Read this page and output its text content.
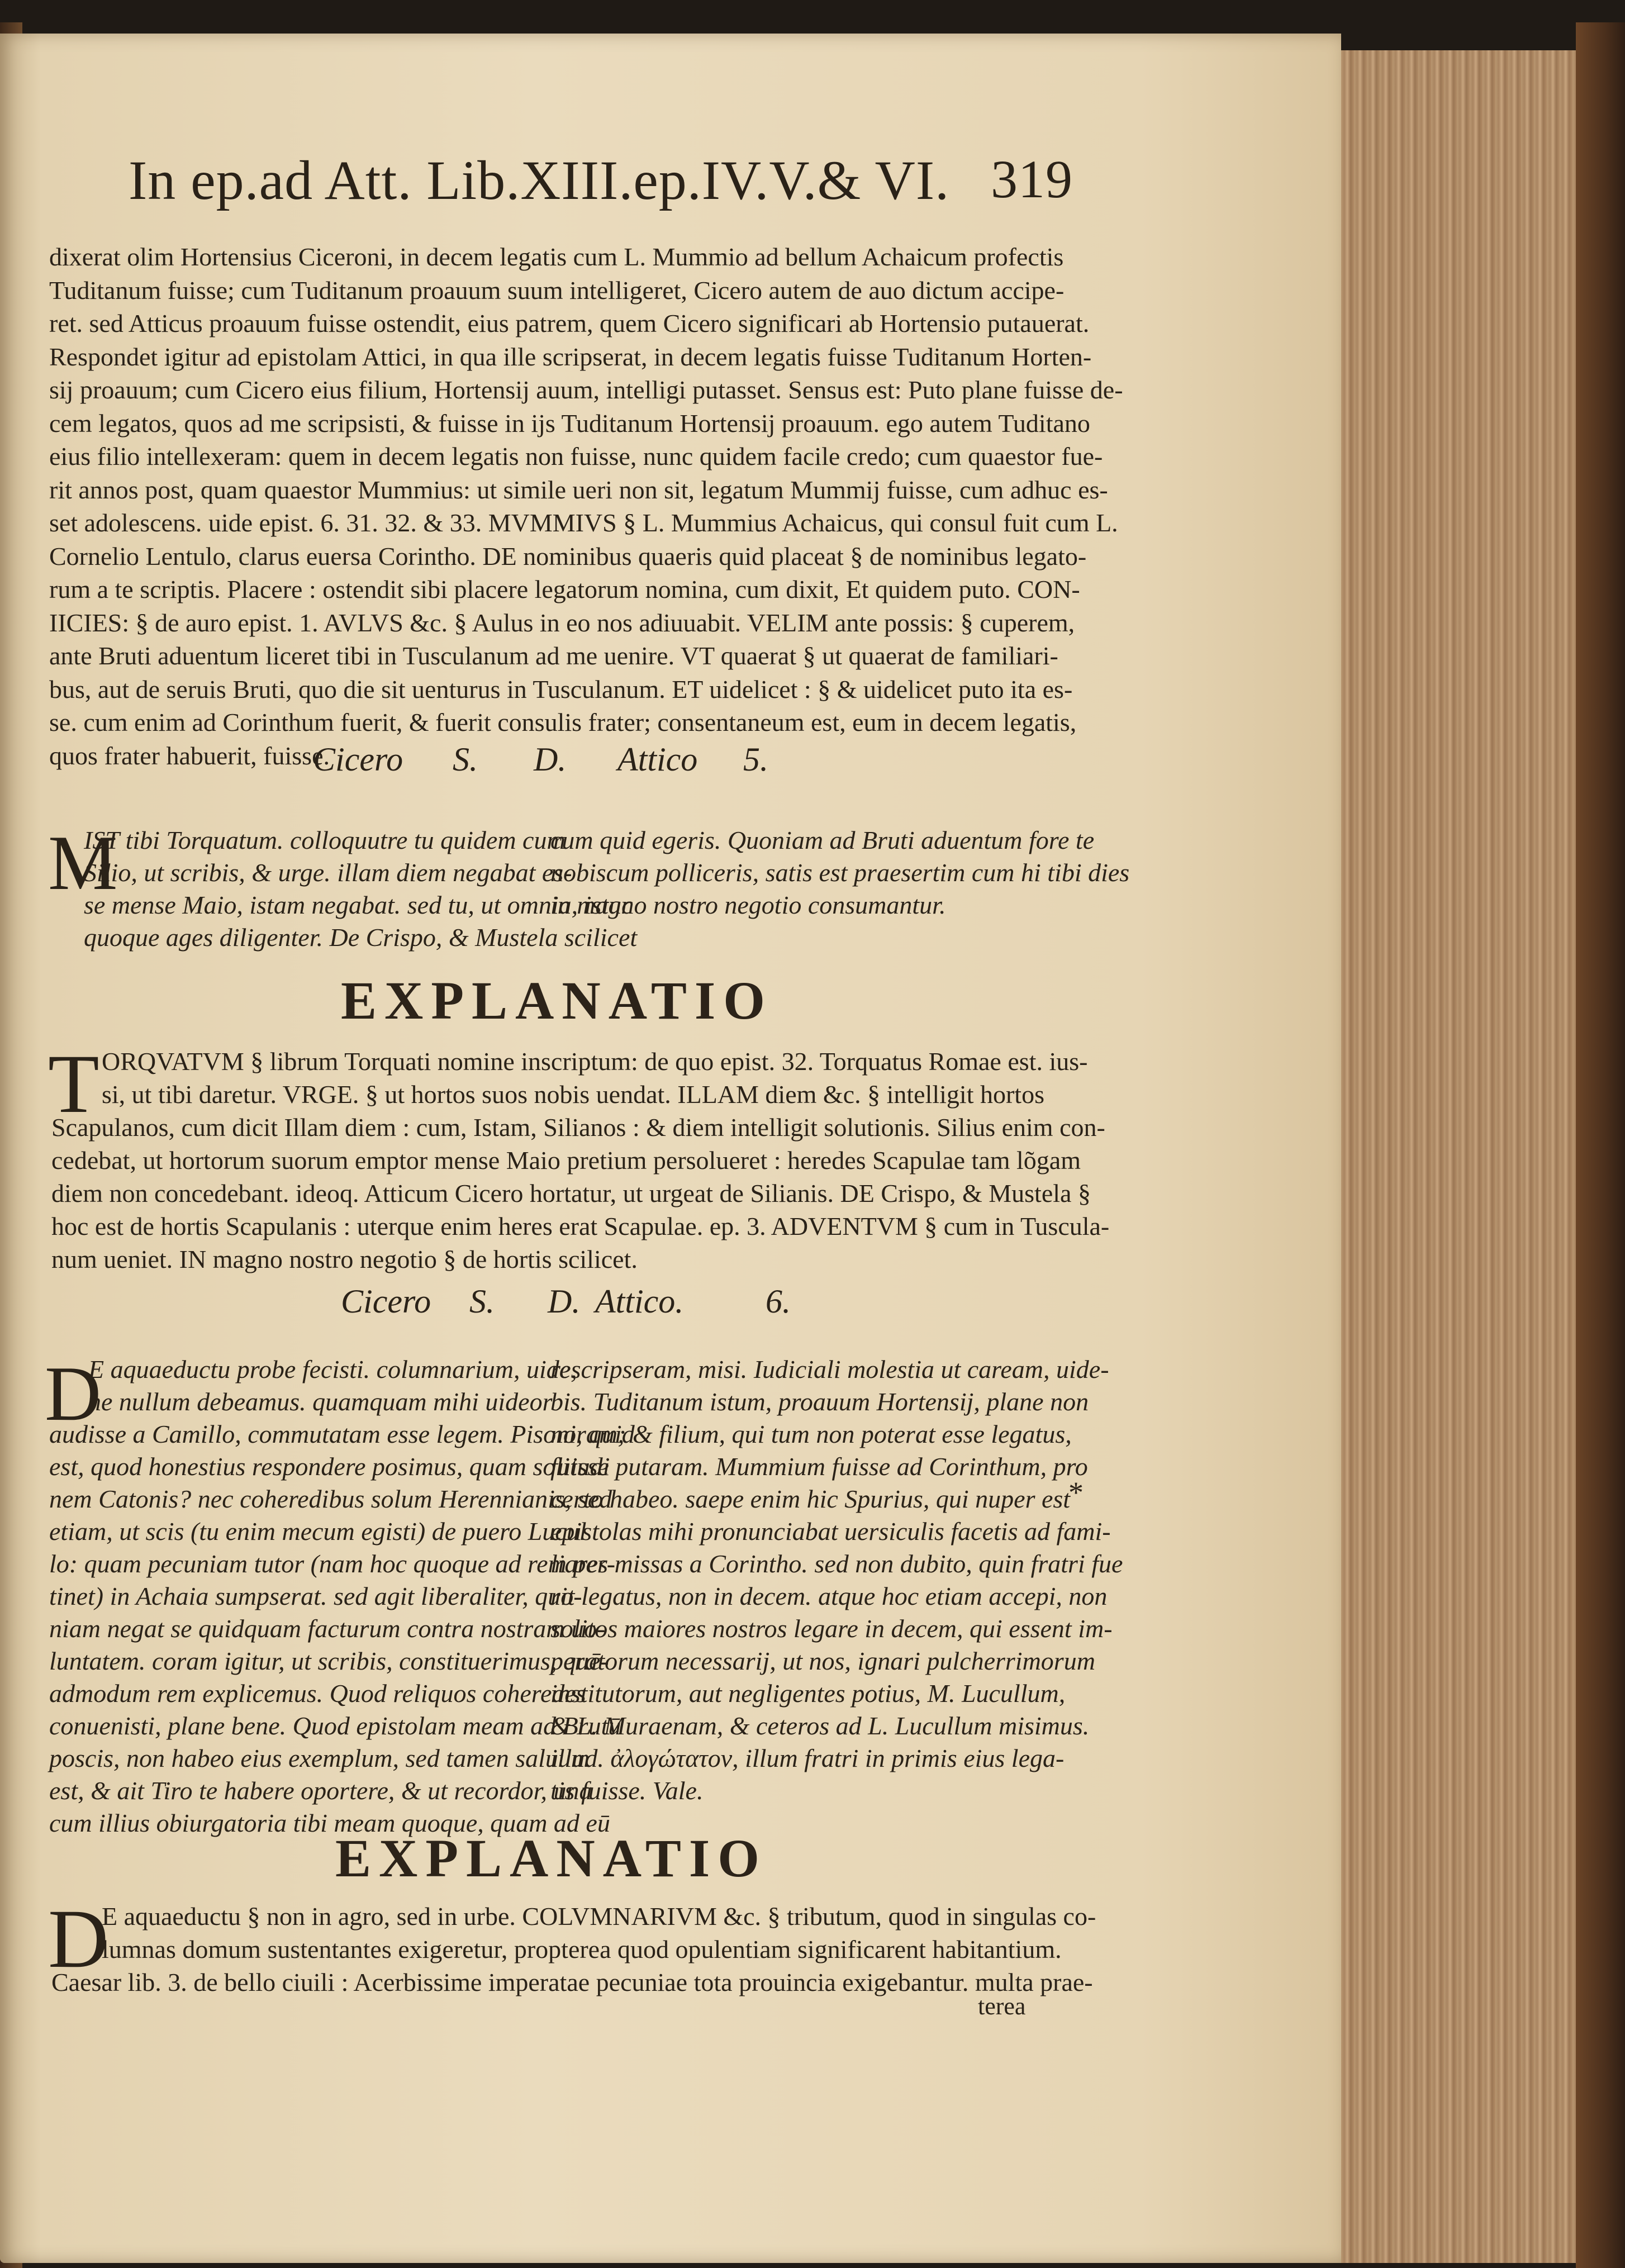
In ep.ad Att. Lib.XIII.ep.IV.V.& VI. 319
dixerat olim Hortensius Ciceroni, in decem legatis cum L. Mummio ad bellum Achaicum profectis
Tuditanum fuisse; cum Tuditanum proauum suum intelligeret, Cicero autem de auo dictum accipe-
ret. sed Atticus proauum fuisse ostendit, eius patrem, quem Cicero significari ab Hortensio putauerat.
Respondet igitur ad epistolam Attici, in qua ille scripserat, in decem legatis fuisse Tuditanum Horten-
sij proauum; cum Cicero eius filium, Hortensij auum, intelligi putasset. Sensus est: Puto plane fuisse de-
cem legatos, quos ad me scripsisti, & fuisse in ijs Tuditanum Hortensij proauum. ego autem Tuditano
eius filio intellexeram: quem in decem legatis non fuisse, nunc quidem facile credo; cum quaestor fue-
rit annos post, quam quaestor Mummius: ut simile ueri non sit, legatum Mummij fuisse, cum adhuc es-
set adolescens. uide epist. 6. 31. 32. & 33. MVMMIVS § L. Mummius Achaicus, qui consul fuit cum L.
Cornelio Lentulo, clarus euersa Corintho. DE nominibus quaeris quid placeat § de nominibus legato-
rum a te scriptis. Placere : ostendit sibi placere legatorum nomina, cum dixit, Et quidem puto. CON-
IICIES: § de auro epist. 1. AVLVS &c. § Aulus in eo nos adiuuabit. VELIM ante possis: § cuperem,
ante Bruti aduentum liceret tibi in Tusculanum ad me uenire. VT quaerat § ut quaerat de familiari-
bus, aut de seruis Bruti, quo die sit uenturus in Tusculanum. ET uidelicet : § & uidelicet puto ita es-
se. cum enim ad Corinthum fuerit, & fuerit consulis frater; consentaneum est, eum in decem legatis,
quos frater habuerit, fuisse.
Cicero S. D. Attico 5.
M
IST tibi Torquatum. colloquutre tu quidem cum
Silio, ut scribis, & urge. illam diem negabat es-
se mense Maio, istam negabat. sed tu, ut omnia, istuc
quoque ages diligenter. De Crispo, & Mustela scilicet
cum quid egeris. Quoniam ad Bruti aduentum fore te
nobiscum polliceris, satis est praesertim cum hi tibi dies
in magno nostro negotio consumantur.
EXPLANATIO
T ORQVATVM § librum Torquati nomine inscriptum: de quo epist. 32. Torquatus Romae est. ius-
si, ut tibi daretur. VRGE. § ut hortos suos nobis uendat. ILLAM diem &c. § intelligit hortos
Scapulanos, cum dicit Illam diem : cum, Istam, Silianos : & diem intelligit solutionis. Silius enim con-
cedebat, ut hortorum suorum emptor mense Maio pretium persolueret : heredes Scapulae tam lõgam
diem non concedebant. ideoq. Atticum Cicero hortatur, ut urgeat de Silianis. DE Crispo, & Mustela §
hoc est de hortis Scapulanis : uterque enim heres erat Scapulae. ep. 3. ADVENTVM § cum in Tuscula-
num ueniet. IN magno nostro negotio § de hortis scilicet.
Cicero S. D. Attico. 6.
D
E aquaeductu probe fecisti. columnarium, uide,
ne nullum debeamus. quamquam mihi uideor
audisse a Camillo, commutatam esse legem. Pisoni, quid
est, quod honestius respondere posimus, quam solitudi
nem Catonis? nec coheredibus solum Herennianis, sed
etiam, ut scis (tu enim mecum egisti) de puero Lucul
lo: quam pecuniam tutor (nam hoc quoque ad rem per-
tinet) in Achaia sumpserat. sed agit liberaliter, quo-
niam negat se quidquam facturum contra nostram uo-
luntatem. coram igitur, ut scribis, constituerimus, quē-
admodum rem explicemus. Quod reliquos coheredes
conuenisti, plane bene. Quod epistolam meam ad Brutū
poscis, non habeo eius exemplum, sed tamen saluum
est, & ait Tiro te habere oportere, & ut recordor, una
cum illius obiurgatoria tibi meam quoque, quam ad eū
rescripseram, misi. Iudiciali molestia ut caream, uide-
bis. Tuditanum istum, proauum Hortensij, plane non
noram; & filium, qui tum non poterat esse legatus,
fuisse putaram. Mummium fuisse ad Corinthum, pro
certo habeo. saepe enim hic Spurius, qui nuper est
epistolas mihi pronunciabat uersiculis facetis ad fami-
liares missas a Corintho. sed non dubito, quin fratri fue
rit legatus, non in decem. atque hoc etiam accepi, non
solitos maiores nostros legare in decem, qui essent im-
peratorum necessarij, ut nos, ignari pulcherrimorum
institutorum, aut negligentes potius, M. Lucullum,
& L. Muraenam, & ceteros ad L. Lucullum misimus.
illud. ἀλογώτατον, illum fratri in primis eius lega-
tis fuisse. Vale.
*
EXPLANATIO
D
E aquaeductu § non in agro, sed in urbe. COLVMNARIVM &c. § tributum, quod in singulas co-
lumnas domum sustentantes exigeretur, propterea quod opulentiam significarent habitantium.
Caesar lib. 3. de bello ciuili : Acerbissime imperatae pecuniae tota prouincia exigebantur. multa prae-
terea
